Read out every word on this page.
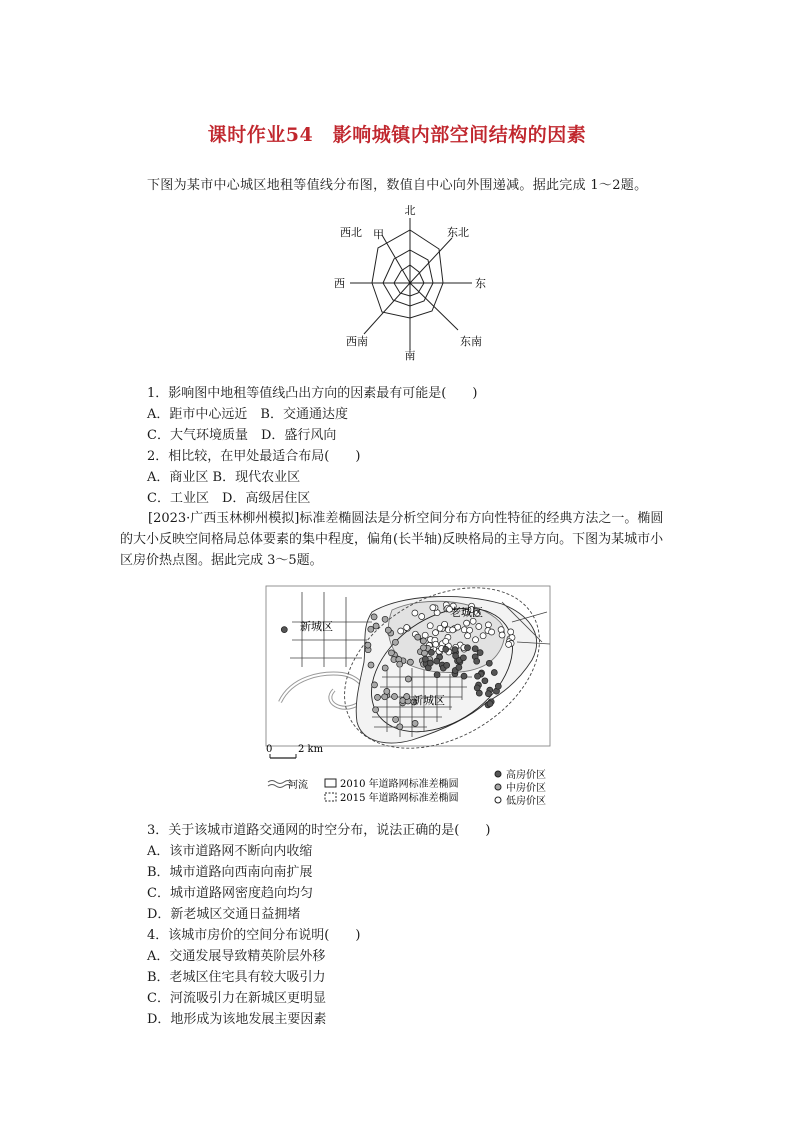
课时作业54　影响城镇内部空间结构的因素
下图为某市中心城区地租等值线分布图，数值自中心向外围递减。据此完成 1～2题。
北
东北
东
东南
南
西南
西
西北 甲
1．影响图中地租等值线凸出方向的因素最有可能是(　　)
A．距市中心远近　B．交通通达度
C．大气环境质量　D．盛行风向
2．相比较，在甲处最适合布局(　　)
A．商业区 B．现代农业区
C．工业区　D．高级居住区
[2023·广西玉林柳州模拟]标准差椭圆法是分析空间分布方向性特征的经典方法之一。椭圆的大小反映空间格局总体要素的集中程度，偏角(长半轴)反映格局的主导方向。下图为某城市小区房价热点图。据此完成 3～5题。
新城区
老城区
新城区
0	2 km
河流	2010 年道路网标准差椭圆
2015 年道路网标准差椭圆
高房价区
中房价区
低房价区
3．关于该城市道路交通网的时空分布，说法正确的是(　　)
A．该市道路网不断向内收缩
B．城市道路向西南向南扩展
C．城市道路网密度趋向均匀
D．新老城区交通日益拥堵
4．该城市房价的空间分布说明(　　)
A．交通发展导致精英阶层外移
B．老城区住宅具有较大吸引力
C．河流吸引力在新城区更明显
D．地形成为该地发展主要因素
